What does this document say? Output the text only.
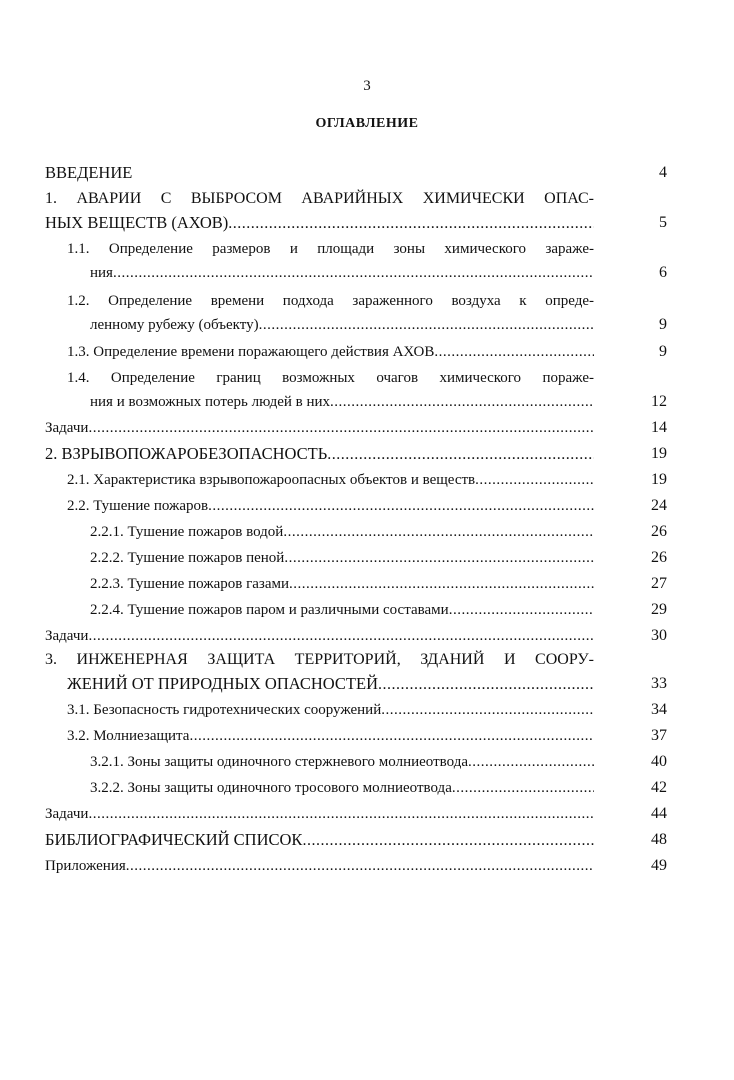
3
ОГЛАВЛЕНИЕ
ВВЕДЕНИЕ	4
1. АВАРИИ С ВЫБРОСОМ АВАРИЙНЫХ ХИМИЧЕСКИ ОПАС-
НЫХ ВЕЩЕСТВ (АХОВ) .....	5
1.1. Определение размеров и площади зоны химического зараже-
ния .....	6
1.2. Определение времени подхода зараженного воздуха к опреде-
ленному рубежу (объекту) .....	9
1.3. Определение времени поражающего действия АХОВ .....	9
1.4. Определение границ возможных очагов химического пораже-
ния и возможных потерь людей в них .....	12
Задачи .....	14
2. ВЗРЫВОПОЖАРОБЕЗОПАСНОСТЬ .....	19
2.1. Характеристика взрывопожароопасных объектов и веществ .....	19
2.2. Тушение пожаров .....	24
2.2.1. Тушение пожаров водой .....	26
2.2.2. Тушение пожаров пеной .....	26
2.2.3. Тушение пожаров газами .....	27
2.2.4. Тушение пожаров паром и различными составами .....	29
Задачи .....	30
3. ИНЖЕНЕРНАЯ ЗАЩИТА ТЕРРИТОРИЙ, ЗДАНИЙ И СООРУ-
ЖЕНИЙ ОТ ПРИРОДНЫХ ОПАСНОСТЕЙ .....	33
3.1. Безопасность гидротехнических сооружений .....	34
3.2. Молниезащита .....	37
3.2.1. Зоны защиты одиночного стержневого молниеотвода .....	40
3.2.2. Зоны защиты одиночного тросового молниеотвода .....	42
Задачи .....	44
БИБЛИОГРАФИЧЕСКИЙ СПИСОК .....	48
Приложения .....	49
